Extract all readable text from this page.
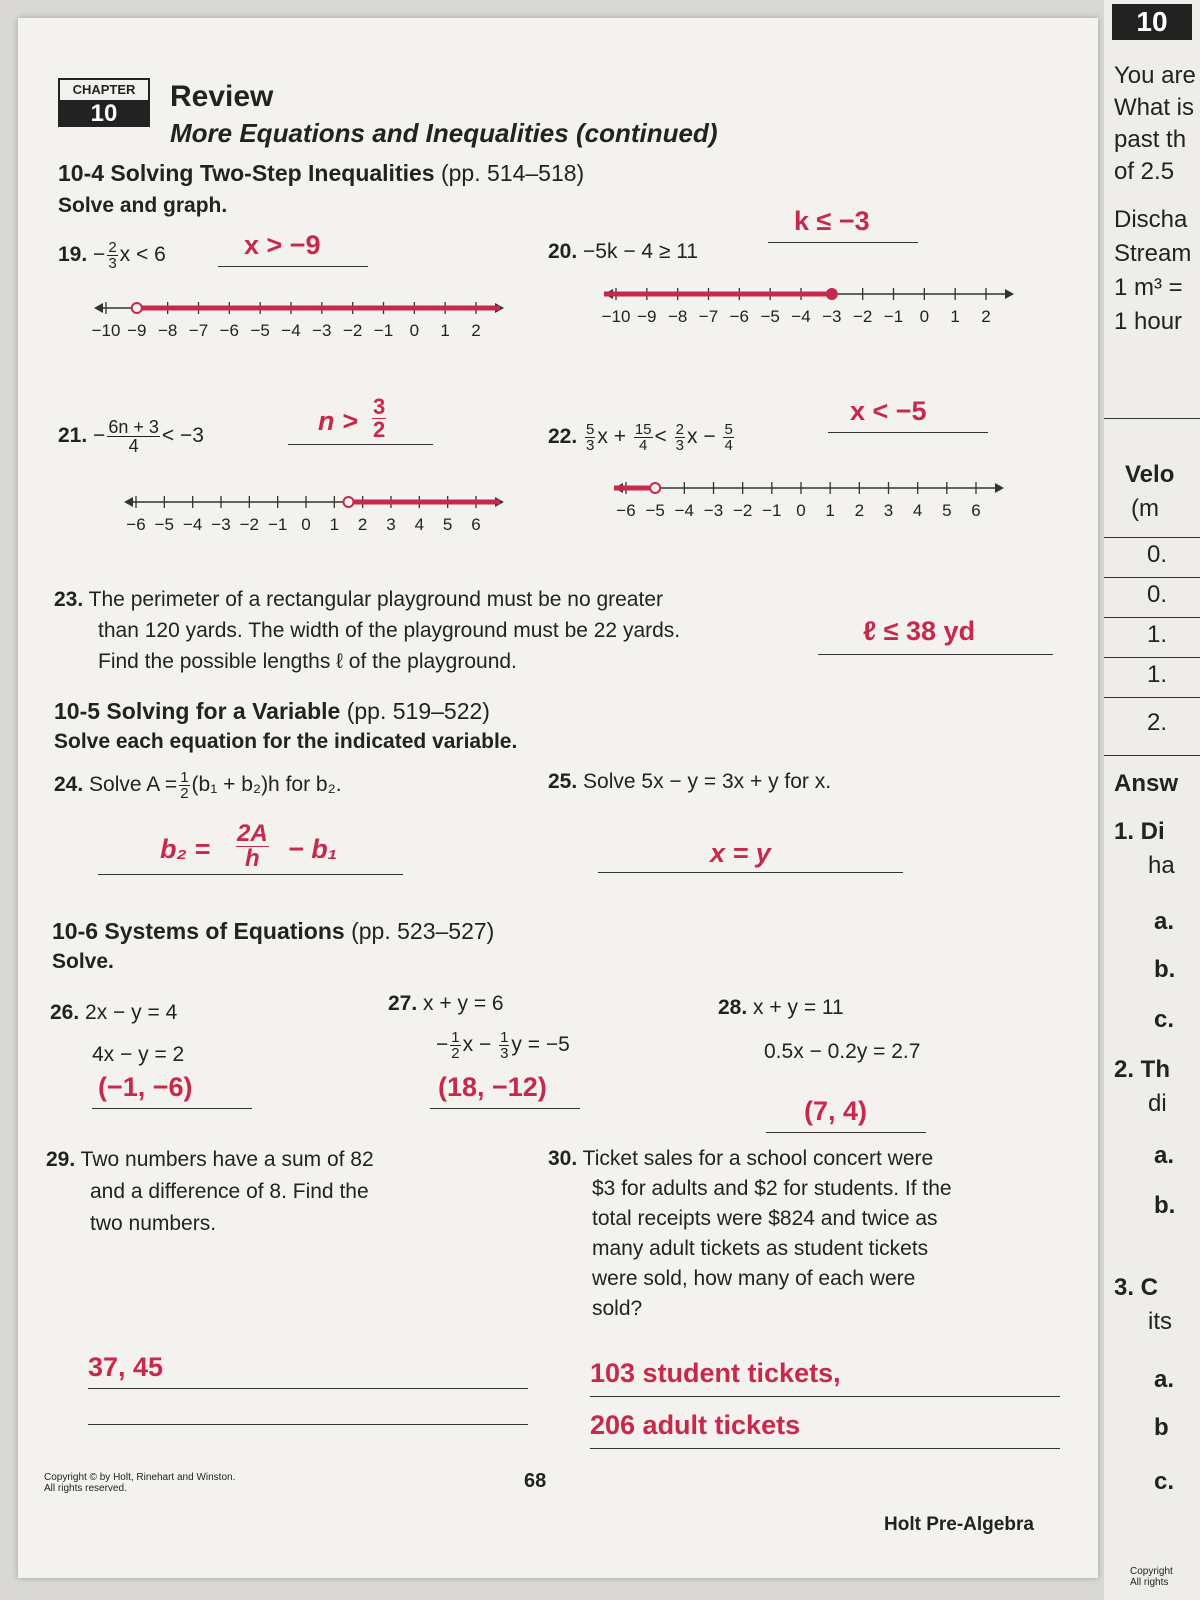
CHAPTER
10
Review
More Equations and Inequalities (continued)
10-4 Solving Two-Step Inequalities (pp. 514–518)
Solve and graph.
19. − $\frac{2}{3}$ x < 6	x > −9
−10 −9 −8 −7 −6 −5 −4 −3 −2 −1 0 1 2
20. −5k − 4 ≥ 11
k ≤ −3
−10 −9 −8 −7 −6 −5 −4 −3 −2 −1 0 1 2
21. − $\frac{6n + 3}{4} < -3$	$n > \frac{3}{2}$
−6 −5 −4 −3 −2 −1 0 1 2 3 4 5 6
22. $\frac{5}{3}$ $x + \frac{15}{4} < \frac{2}{3}$ $x - \frac{5}{4}$
x < −5
−6 −5 −4 −3 −2 −1 0 1 2 3 4 5 6
23. The perimeter of a rectangular playground must be no greater
than 120 yards. The width of the playground must be 22 yards.
Find the possible lengths ℓ of the playground.
ℓ ≤ 38 yd
10-5 Solving for a Variable (pp. 519–522)
Solve each equation for the indicated variable.
24. Solve $A = \frac{1}{2} (b_1 + b_2)h$ for b₂.
$b_2 = \frac{2A}{h} - b_1$
25. Solve 5x − y = 3x + y for x.
x = y
10-6 Systems of Equations (pp. 523–527)
Solve.
26. 2x − y = 4
4x − y = 2
(−1, −6)
27. x + y = 6
− $\frac{1}{2}$ $x - \frac{1}{3}$ y = −5
(18, −12)
28. x + y = 11
0.5x − 0.2y = 2.7
(7, 4)
29. Two numbers have a sum of 82
and a difference of 8. Find the
two numbers.
37, 45
30. Ticket sales for a school concert were
$3 for adults and $2 for students. If the
total receipts were $824 and twice as
many adult tickets as student tickets
were sold, how many of each were
sold?
103 student tickets,
206 adult tickets
Copyright © by Holt, Rinehart and Winston.
All rights reserved.	68
Holt Pre-Algebra
10
You are
What is
past th
of 2.5
Discha
Stream
1 m³ =
1 hour
Velo
(m
0.
0.
1.
1.
2.
Answ
1. Di
ha
a.
b.
c.
2. Th
di
a.
b.
3. C
its
a.
b
c.
Copyright
All rights
